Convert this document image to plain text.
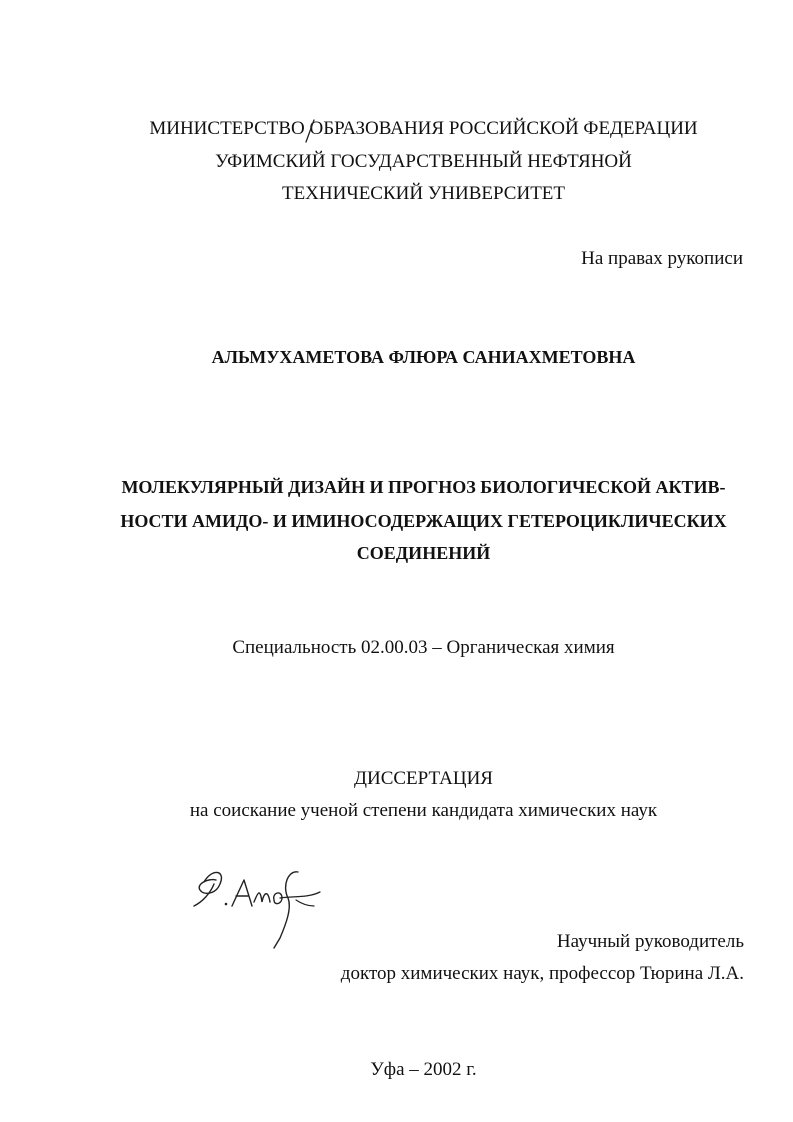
МИНИСТЕРСТВО ОБРАЗОВАНИЯ РОССИЙСКОЙ ФЕДЕРАЦИИ
УФИМСКИЙ ГОСУДАРСТВЕННЫЙ НЕФТЯНОЙ
ТЕХНИЧЕСКИЙ УНИВЕРСИТЕТ
На правах рукописи
АЛЬМУХАМЕТОВА ФЛЮРА САНИАХМЕТОВНА
МОЛЕКУЛЯРНЫЙ ДИЗАЙН И ПРОГНОЗ БИОЛОГИЧЕСКОЙ АКТИВ-
НОСТИ АМИДО- И ИМИНОСОДЕРЖАЩИХ ГЕТЕРОЦИКЛИЧЕСКИХ
СОЕДИНЕНИЙ
Специальность 02.00.03 – Органическая химия
ДИССЕРТАЦИЯ
на соискание ученой степени кандидата химических наук
Научный руководитель
доктор химических наук, профессор Тюрина Л.А.
Уфа – 2002 г.
